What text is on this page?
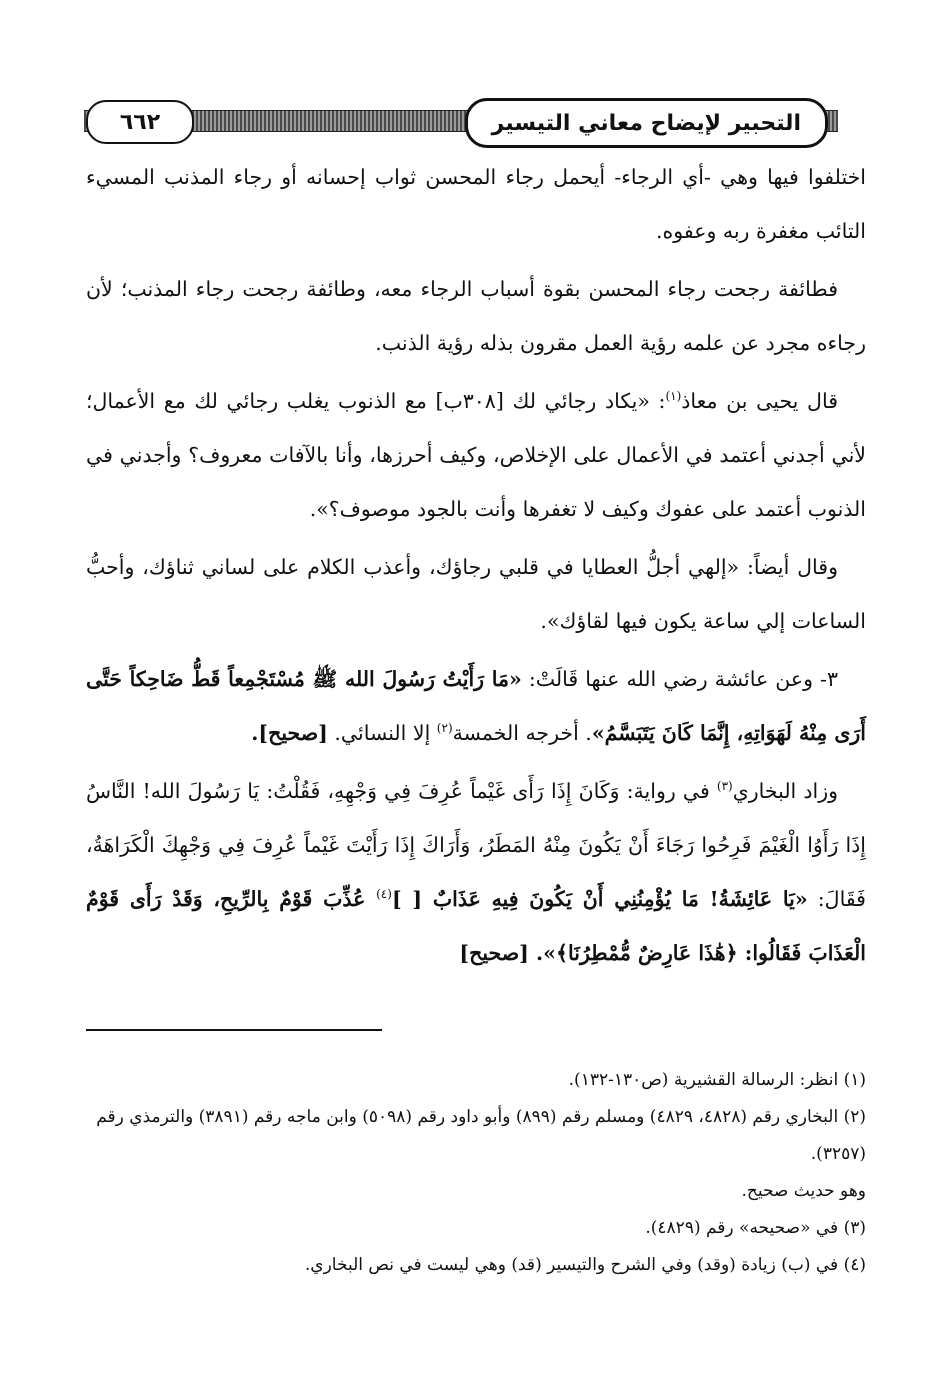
التحبير لإيضاح معاني التيسير
٦٦٢

اختلفوا فيها وهي -أي الرجاء- أيحمل رجاء المحسن ثواب إحسانه أو رجاء المذنب المسيء التائب مغفرة ربه وعفوه.

فطائفة رجحت رجاء المحسن بقوة أسباب الرجاء معه، وطائفة رجحت رجاء المذنب؛ لأن رجاءه مجرد عن علمه رؤية العمل مقرون بذله رؤية الذنب.

قال يحيى بن معاذ$^{(١)}$: «يكاد رجائي لك [٣٠٨ب] مع الذنوب يغلب رجائي لك مع الأعمال؛ لأني أجدني أعتمد في الأعمال على الإخلاص، وكيف أحرزها، وأنا بالآفات معروف؟ وأجدني في الذنوب أعتمد على عفوك وكيف لا تغفرها وأنت بالجود موصوف؟».

وقال أيضاً: «إلهي أجلُّ العطايا في قلبي رجاؤك، وأعذب الكلام على لساني ثناؤك، وأحبُّ الساعات إلي ساعة يكون فيها لقاؤك».

٣- وعن عائشة ‬رضي الله عنها قَالَتْ: «مَا رَأَيْتُ رَسُولَ الله ﷺ مُسْتَجْمِعاً قَطُّ ضَاحِكاً حَتَّى أَرَى مِنْهُ لَهَوَاتِهِ، إِنَّمَا كَانَ يَتَبَسَّمُ». أخرجه الخمسة$^{(٢)}$ إلا النسائي. [صحيح].

وزاد البخاري$^{(٣)}$ في رواية: وَكَانَ إِذَا رَأَى غَيْماً عُرِفَ فِي وَجْهِهِ، فَقُلْتُ: يَا رَسُولَ الله! النَّاسُ إِذَا رَأَوُا الْغَيْمَ فَرِحُوا رَجَاءَ أَنْ يَكُونَ مِنْهُ المَطَرُ، وَأَرَاكَ إِذَا رَأَيْتَ غَيْماً عُرِفَ فِي وَجْهِكَ الْكَرَاهَةُ، فَقَالَ: «يَا عَائِشَةُ! مَا يُؤْمِنُنِي أَنْ يَكُونَ فِيهِ عَذَابٌ [ ]$^{(٤)}$ عُذِّبَ قَوْمٌ بِالرِّيحِ، وَقَدْ رَأَى قَوْمٌ الْعَذَابَ فَقَالُوا: ﴿هَٰذَا عَارِضٌ مُّمْطِرُنَا﴾». [صحيح]

(١) انظر: الرسالة القشيرية (ص١٣٠-١٣٢).

(٢) البخاري رقم (٤٨٢٨، ٤٨٢٩) ومسلم رقم (٨٩٩) وأبو داود رقم (٥٠٩٨) وابن ماجه رقم (٣٨٩١) والترمذي رقم (٣٢٥٧).

وهو حديث صحيح.

(٣) في «صحيحه» رقم (٤٨٢٩).

(٤) في (ب) زيادة (وقد) وفي الشرح والتيسير (قد) وهي ليست في نص البخاري.
